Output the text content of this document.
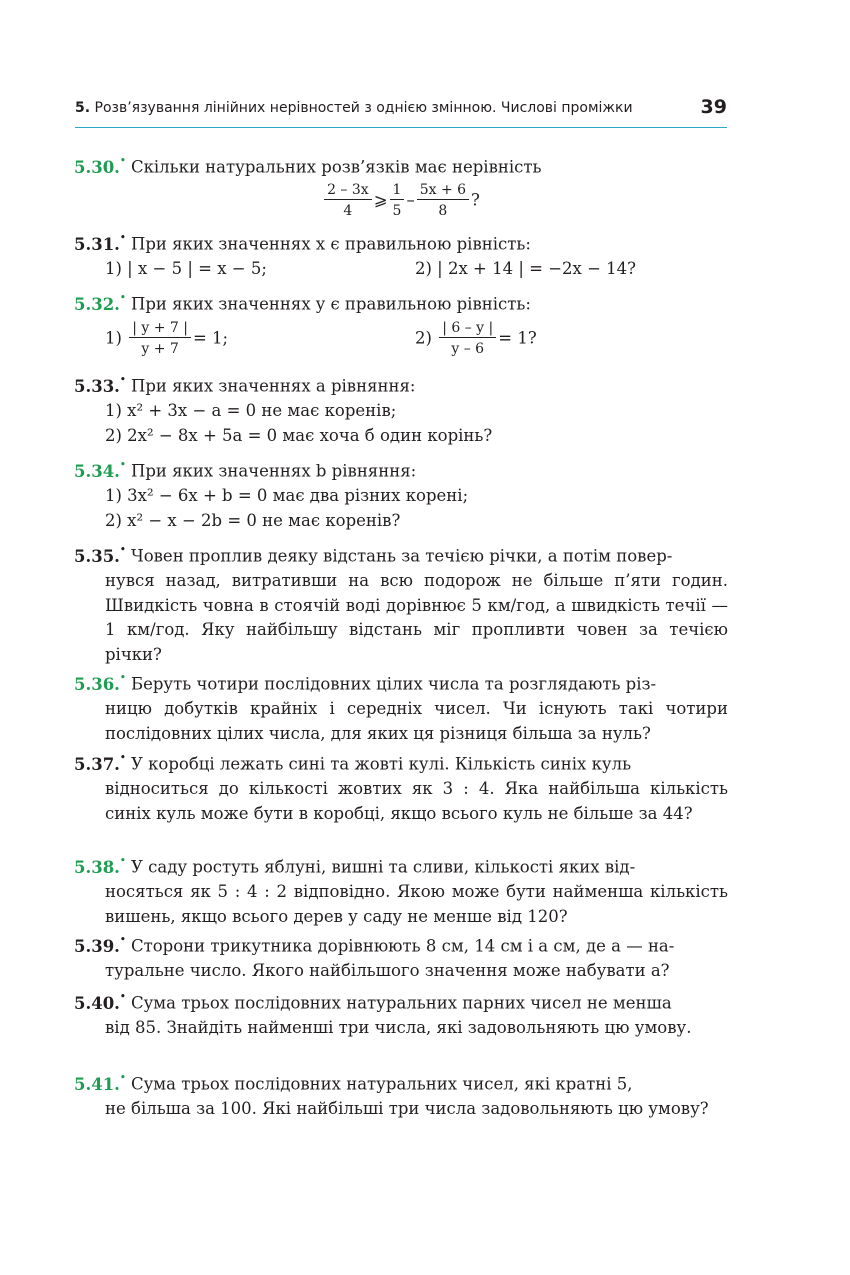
5. Розв’язування лінійних нерівностей з однією змінною. Числові проміжки	39
5.30.• Скільки натуральних розв’язків має нерівність
$\frac{2 - 3x}{4}$ ⩾ $\frac{1}{5} - \frac{5x + 6}{8}$ ?
5.31.• При яких значеннях x є правильною рівність:
1) | x − 5 | = x − 5;	2) | 2x + 14 | = −2x − 14?
5.32.• При яких значеннях y є правильною рівність:
$1) \frac{| y + 7 |}{y + 7} = 1$;	$2) \frac{| 6 - y |}{y - 6} = 1$?
5.33.• При яких значеннях a рівняння:
1) x² + 3x − a = 0 не має коренів;
2) 2x² − 8x + 5a = 0 має хоча б один корінь?
5.34.• При яких значеннях b рівняння:
1) 3x² − 6x + b = 0 має два різних корені;
2) x² − x − 2b = 0 не має коренів?
5.35.• Човен проплив деяку відстань за течією річки, а потім повер-
нувся назад, витративши на всю подорож не більше п’яти годин. Швидкість човна в стоячій воді дорівнює 5 км/год, а швидкість течії — 1 км/год. Яку найбільшу відстань міг пропливти човен за течією річки?
5.36.• Беруть чотири послідовних цілих числа та розглядають різ-
ницю добутків крайніх і середніх чисел. Чи існують такі чотири послідовних цілих числа, для яких ця різниця більша за нуль?
5.37.• У коробці лежать сині та жовті кулі. Кількість синіх куль
відноситься до кількості жовтих як 3 : 4. Яка найбільша кількість синіх куль може бути в коробці, якщо всього куль не більше за 44?
5.38.• У саду ростуть яблуні, вишні та сливи, кількості яких від-
носяться як 5 : 4 : 2 відповідно. Якою може бути найменша кількість вишень, якщо всього дерев у саду не менше від 120?
5.39.• Сторони трикутника дорівнюють 8 см, 14 см і a см, де a — на-
туральне число. Якого найбільшого значення може набувати a?
5.40.• Сума трьох послідовних натуральних парних чисел не менша
від 85. Знайдіть найменші три числа, які задовольняють цю умову.
5.41.• Сума трьох послідовних натуральних чисел, які кратні 5,
не більша за 100. Які найбільші три числа задовольняють цю умову?
